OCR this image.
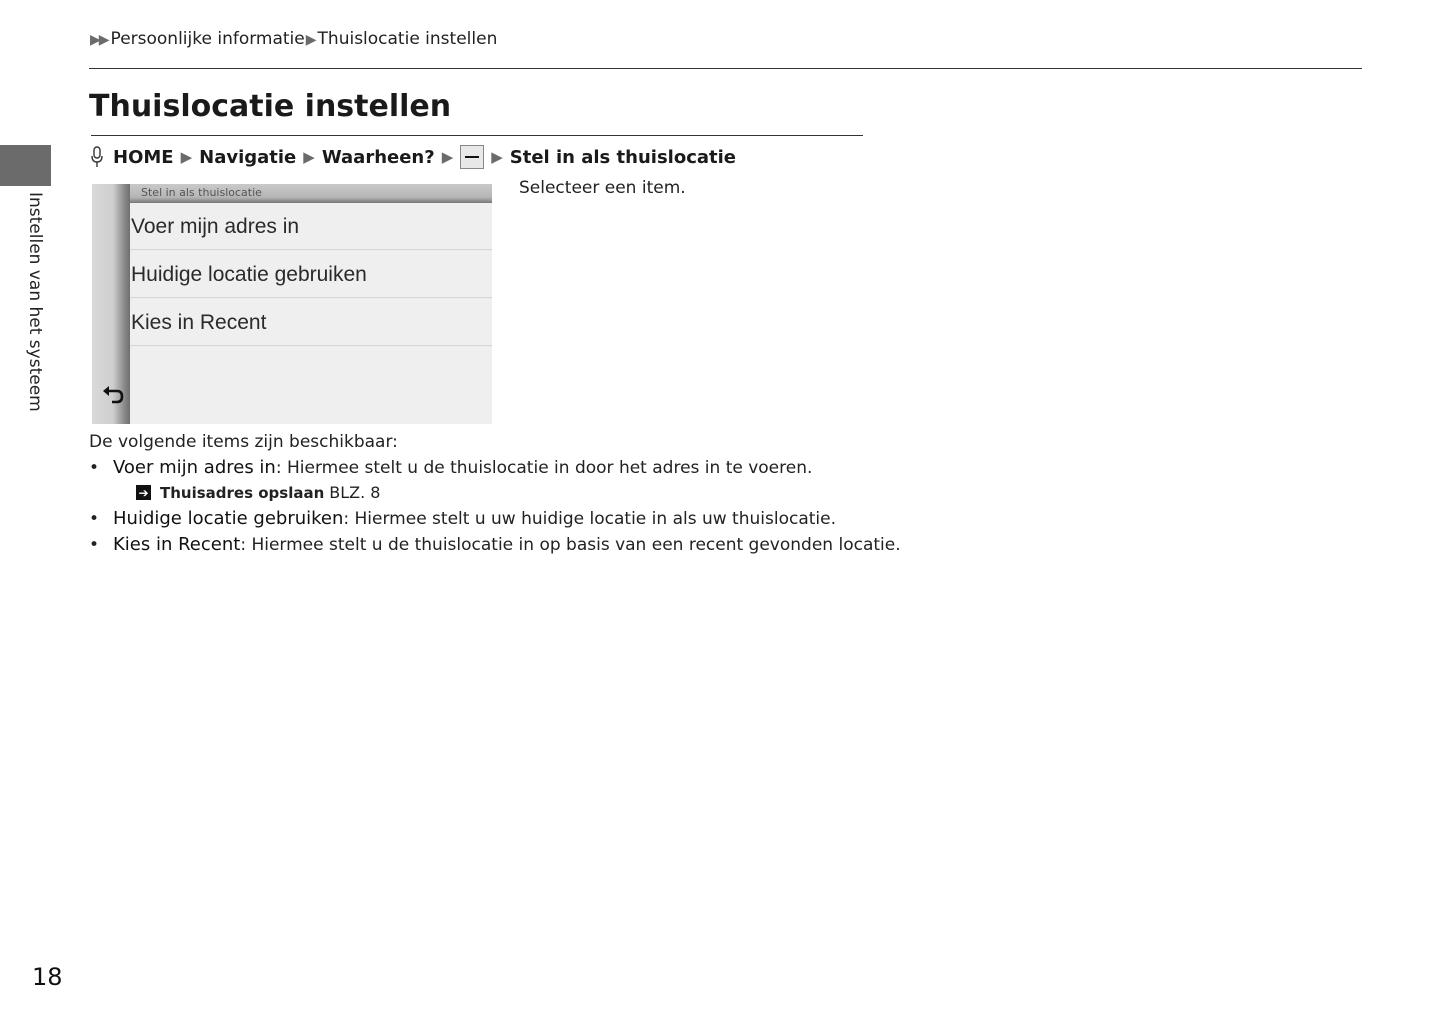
▶▶ Persoonlijke informatie▶ Thuislocatie instellen
Thuislocatie instellen
HOME ▶ Navigatie ▶ Waarheen? ▶	▶ Stel in als thuislocatie
Stel in als thuislocatie
Voer mijn adres in
Huidige locatie gebruiken
Kies in Recent
Selecteer een item.
De volgende items zijn beschikbaar:
• Voer mijn adres in: Hiermee stelt u de thuislocatie in door het adres in te voeren.
➔ Thuisadres opslaan BLZ. 8
• Huidige locatie gebruiken: Hiermee stelt u uw huidige locatie in als uw thuislocatie.
• Kies in Recent: Hiermee stelt u de thuislocatie in op basis van een recent gevonden locatie.
Instellen van het systeem
18
